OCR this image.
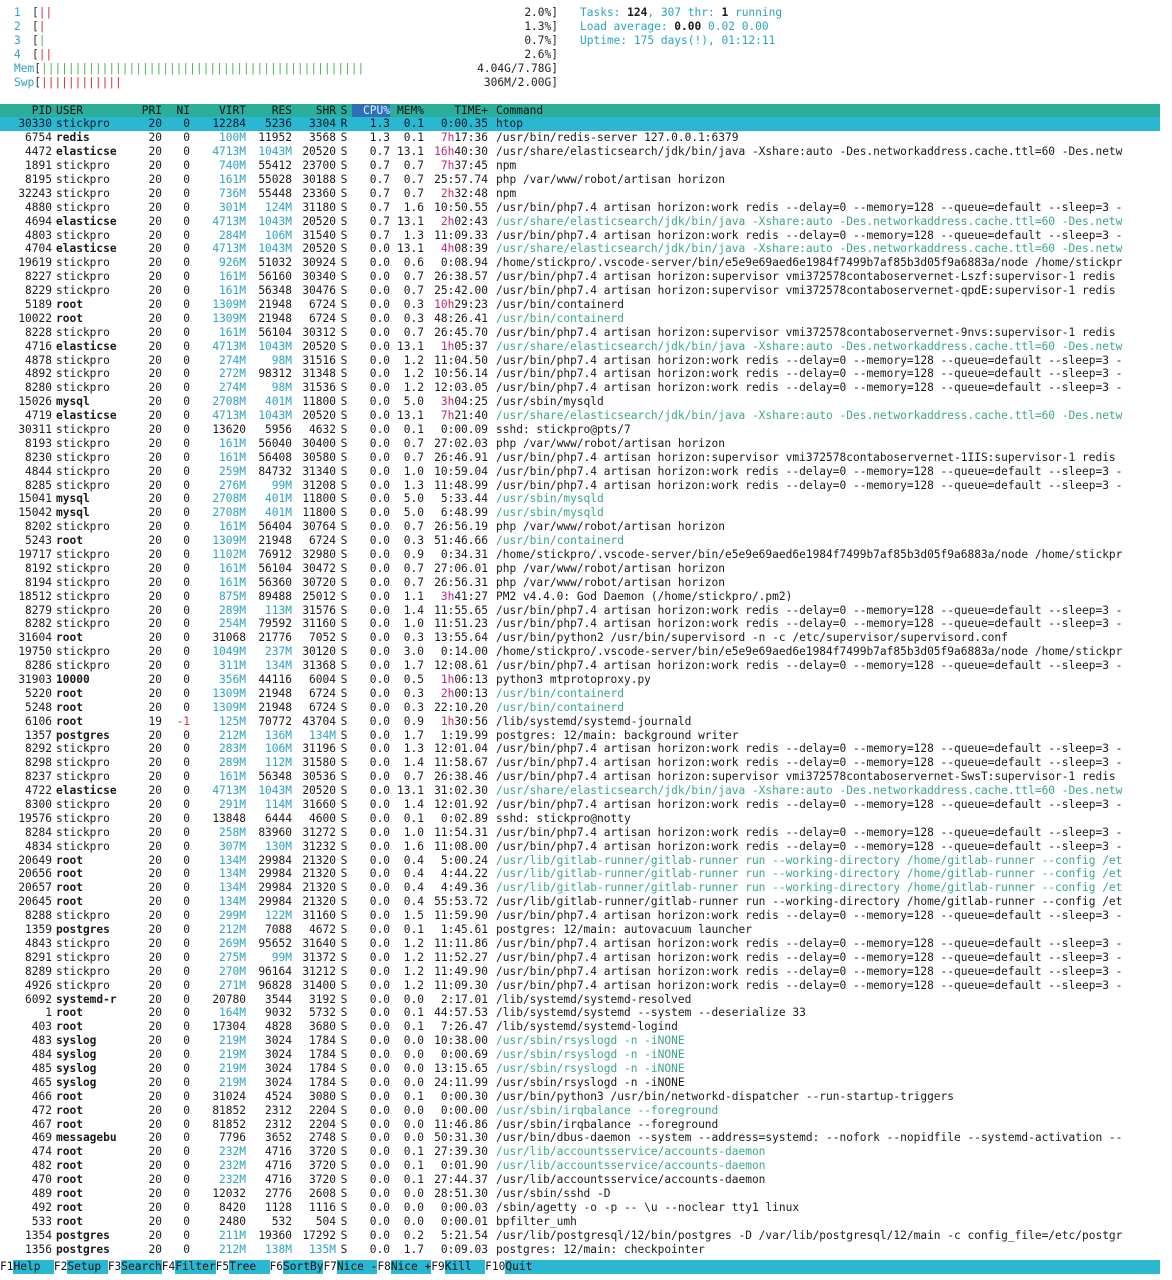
1 [||	2.0%]
2 [|	1.3%]
3 [|	0.7%]
4 [||	2.6%]
Mem[||||||||||||||||||||||||||||||||||||||||||||||||	4.04G/7.78G]
Swp[||||||||||||	306M/2.00G]
Tasks: 124, 307 thr: 1 running
Load average: 0.00 0.02 0.00
Uptime: 175 days(!), 01:12:11
PID USER	PRI NI	VIRT RES SHR S CPU% MEM%	TIME+ Command
30330 stickpro	20 0 12284 5236 3304 R 1.3 0.1 0:00.35 htop
6754 redis	20 0	100M 11952 3568 S 1.3 0.1 7h17:36 /usr/bin/redis-server 127.0.0.1:6379
4472 elasticse	20 0 4713M 1043M 20520 S 0.7 13.1 16h40:30 /usr/share/elasticsearch/jdk/bin/java -Xshare:auto -Des.networkaddress.cache.ttl=60 -Des.netw
1891 stickpro	20 0	740M 55412 23700 S 0.7 0.7 7h37:45 npm
8195 stickpro	20 0	161M 55028 30188 S 0.7 0.7 25:57.74 php /var/www/robot/artisan horizon
32243 stickpro	20 0	736M 55448 23360 S 0.7 0.7 2h32:48 npm
4880 stickpro	20 0	301M 124M 31180 S 0.7 1.6 10:50.55 /usr/bin/php7.4 artisan horizon:work redis --delay=0 --memory=128 --queue=default --sleep=3 -
4694 elasticse	20 0 4713M 1043M 20520 S 0.7 13.1 2h02:43 /usr/share/elasticsearch/jdk/bin/java -Xshare:auto -Des.networkaddress.cache.ttl=60 -Des.netw
4803 stickpro	20 0	284M 106M 31540 S 0.7 1.3 11:09.33 /usr/bin/php7.4 artisan horizon:work redis --delay=0 --memory=128 --queue=default --sleep=3 -
4704 elasticse	20 0 4713M 1043M 20520 S 0.0 13.1 4h08:39 /usr/share/elasticsearch/jdk/bin/java -Xshare:auto -Des.networkaddress.cache.ttl=60 -Des.netw
19619 stickpro	20 0	926M 51032 30924 S 0.0 0.6 0:08.94 /home/stickpro/.vscode-server/bin/e5e9e69aed6e1984f7499b7af85b3d05f9a6883a/node /home/stickpr
8227 stickpro	20 0	161M 56160 30340 S 0.0 0.7 26:38.57 /usr/bin/php7.4 artisan horizon:supervisor vmi372578contaboservernet-Lszf:supervisor-1 redis
8229 stickpro	20 0	161M 56348 30476 S 0.0 0.7 25:42.00 /usr/bin/php7.4 artisan horizon:supervisor vmi372578contaboservernet-qpdE:supervisor-1 redis
5189 root	20 0 1309M 21948 6724 S 0.0 0.3 10h29:23 /usr/bin/containerd
10022 root	20 0 1309M 21948 6724 S 0.0 0.3 48:26.41 /usr/bin/containerd
8228 stickpro	20 0	161M 56104 30312 S 0.0 0.7 26:45.70 /usr/bin/php7.4 artisan horizon:supervisor vmi372578contaboservernet-9nvs:supervisor-1 redis
4716 elasticse	20 0 4713M 1043M 20520 S 0.0 13.1 1h05:37 /usr/share/elasticsearch/jdk/bin/java -Xshare:auto -Des.networkaddress.cache.ttl=60 -Des.netw
4878 stickpro	20 0	274M 98M 31516 S 0.0 1.2 11:04.50 /usr/bin/php7.4 artisan horizon:work redis --delay=0 --memory=128 --queue=default --sleep=3 -
4892 stickpro	20 0	272M 98312 31348 S 0.0 1.2 10:56.14 /usr/bin/php7.4 artisan horizon:work redis --delay=0 --memory=128 --queue=default --sleep=3 -
8280 stickpro	20 0	274M 98M 31536 S 0.0 1.2 12:03.05 /usr/bin/php7.4 artisan horizon:work redis --delay=0 --memory=128 --queue=default --sleep=3 -
15026 mysql	20 0 2708M 401M 11800 S 0.0 5.0 3h04:25 /usr/sbin/mysqld
4719 elasticse	20 0 4713M 1043M 20520 S 0.0 13.1 7h21:40 /usr/share/elasticsearch/jdk/bin/java -Xshare:auto -Des.networkaddress.cache.ttl=60 -Des.netw
30311 stickpro	20 0 13620 5956 4632 S 0.0 0.1 0:00.09 sshd: stickpro@pts/7
8193 stickpro	20 0	161M 56040 30400 S 0.0 0.7 27:02.03 php /var/www/robot/artisan horizon
8230 stickpro	20 0	161M 56408 30580 S 0.0 0.7 26:46.91 /usr/bin/php7.4 artisan horizon:supervisor vmi372578contaboservernet-1IIS:supervisor-1 redis
4844 stickpro	20 0	259M 84732 31340 S 0.0 1.0 10:59.04 /usr/bin/php7.4 artisan horizon:work redis --delay=0 --memory=128 --queue=default --sleep=3 -
8285 stickpro	20 0	276M 99M 31208 S 0.0 1.3 11:48.99 /usr/bin/php7.4 artisan horizon:work redis --delay=0 --memory=128 --queue=default --sleep=3 -
15041 mysql	20 0 2708M 401M 11800 S 0.0 5.0 5:33.44 /usr/sbin/mysqld
15042 mysql	20 0 2708M 401M 11800 S 0.0 5.0 6:48.99 /usr/sbin/mysqld
8202 stickpro	20 0	161M 56404 30764 S 0.0 0.7 26:56.19 php /var/www/robot/artisan horizon
5243 root	20 0 1309M 21948 6724 S 0.0 0.3 51:46.66 /usr/bin/containerd
19717 stickpro	20 0 1102M 76912 32980 S 0.0 0.9 0:34.31 /home/stickpro/.vscode-server/bin/e5e9e69aed6e1984f7499b7af85b3d05f9a6883a/node /home/stickpr
8192 stickpro	20 0	161M 56104 30472 S 0.0 0.7 27:06.01 php /var/www/robot/artisan horizon
8194 stickpro	20 0	161M 56360 30720 S 0.0 0.7 26:56.31 php /var/www/robot/artisan horizon
18512 stickpro	20 0	875M 89488 25012 S 0.0 1.1 3h41:27 PM2 v4.4.0: God Daemon (/home/stickpro/.pm2)
8279 stickpro	20 0	289M 113M 31576 S 0.0 1.4 11:55.65 /usr/bin/php7.4 artisan horizon:work redis --delay=0 --memory=128 --queue=default --sleep=3 -
8282 stickpro	20 0	254M 79592 31160 S 0.0 1.0 11:51.23 /usr/bin/php7.4 artisan horizon:work redis --delay=0 --memory=128 --queue=default --sleep=3 -
31604 root	20 0 31068 21776 7052 S 0.0 0.3 13:55.64 /usr/bin/python2 /usr/bin/supervisord -n -c /etc/supervisor/supervisord.conf
19750 stickpro	20 0 1049M 237M 30120 S 0.0 3.0 0:14.00 /home/stickpro/.vscode-server/bin/e5e9e69aed6e1984f7499b7af85b3d05f9a6883a/node /home/stickpr
8286 stickpro	20 0	311M 134M 31368 S 0.0 1.7 12:08.61 /usr/bin/php7.4 artisan horizon:work redis --delay=0 --memory=128 --queue=default --sleep=3 -
31903 10000	20 0	356M 44116 6004 S 0.0 0.5 1h06:13 python3 mtprotoproxy.py
5220 root	20 0 1309M 21948 6724 S 0.0 0.3 2h00:13 /usr/bin/containerd
5248 root	20 0 1309M 21948 6724 S 0.0 0.3 22:10.20 /usr/bin/containerd
6106 root	19 -1	125M 70772 43704 S 0.0 0.9 1h30:56 /lib/systemd/systemd-journald
1357 postgres	20 0	212M 136M 134M S 0.0 1.7 1:19.99 postgres: 12/main: background writer
8292 stickpro	20 0	283M 106M 31196 S 0.0 1.3 12:01.04 /usr/bin/php7.4 artisan horizon:work redis --delay=0 --memory=128 --queue=default --sleep=3 -
8298 stickpro	20 0	289M 112M 31580 S 0.0 1.4 11:58.67 /usr/bin/php7.4 artisan horizon:work redis --delay=0 --memory=128 --queue=default --sleep=3 -
8237 stickpro	20 0	161M 56348 30536 S 0.0 0.7 26:38.46 /usr/bin/php7.4 artisan horizon:supervisor vmi372578contaboservernet-SwsT:supervisor-1 redis
4722 elasticse	20 0 4713M 1043M 20520 S 0.0 13.1 31:02.30 /usr/share/elasticsearch/jdk/bin/java -Xshare:auto -Des.networkaddress.cache.ttl=60 -Des.netw
8300 stickpro	20 0	291M 114M 31660 S 0.0 1.4 12:01.92 /usr/bin/php7.4 artisan horizon:work redis --delay=0 --memory=128 --queue=default --sleep=3 -
19576 stickpro	20 0 13848 6444 4600 S 0.0 0.1 0:02.89 sshd: stickpro@notty
8284 stickpro	20 0	258M 83960 31272 S 0.0 1.0 11:54.31 /usr/bin/php7.4 artisan horizon:work redis --delay=0 --memory=128 --queue=default --sleep=3 -
4834 stickpro	20 0	307M 130M 31232 S 0.0 1.6 11:08.00 /usr/bin/php7.4 artisan horizon:work redis --delay=0 --memory=128 --queue=default --sleep=3 -
20649 root	20 0	134M 29984 21320 S 0.0 0.4 5:00.24 /usr/lib/gitlab-runner/gitlab-runner run --working-directory /home/gitlab-runner --config /et
20656 root	20 0	134M 29984 21320 S 0.0 0.4 4:44.22 /usr/lib/gitlab-runner/gitlab-runner run --working-directory /home/gitlab-runner --config /et
20657 root	20 0	134M 29984 21320 S 0.0 0.4 4:49.36 /usr/lib/gitlab-runner/gitlab-runner run --working-directory /home/gitlab-runner --config /et
20645 root	20 0	134M 29984 21320 S 0.0 0.4 55:53.72 /usr/lib/gitlab-runner/gitlab-runner run --working-directory /home/gitlab-runner --config /et
8288 stickpro	20 0	299M 122M 31160 S 0.0 1.5 11:59.90 /usr/bin/php7.4 artisan horizon:work redis --delay=0 --memory=128 --queue=default --sleep=3 -
1359 postgres	20 0	212M 7088 4672 S 0.0 0.1 1:45.61 postgres: 12/main: autovacuum launcher
4843 stickpro	20 0	269M 95652 31640 S 0.0 1.2 11:11.86 /usr/bin/php7.4 artisan horizon:work redis --delay=0 --memory=128 --queue=default --sleep=3 -
8291 stickpro	20 0	275M 99M 31372 S 0.0 1.2 11:52.27 /usr/bin/php7.4 artisan horizon:work redis --delay=0 --memory=128 --queue=default --sleep=3 -
8289 stickpro	20 0	270M 96164 31212 S 0.0 1.2 11:49.90 /usr/bin/php7.4 artisan horizon:work redis --delay=0 --memory=128 --queue=default --sleep=3 -
4926 stickpro	20 0	271M 96828 31400 S 0.0 1.2 11:09.30 /usr/bin/php7.4 artisan horizon:work redis --delay=0 --memory=128 --queue=default --sleep=3 -
6092 systemd-r	20 0 20780 3544 3192 S 0.0 0.0 2:17.01 /lib/systemd/systemd-resolved
1 root	20 0	164M 9032 5732 S 0.0 0.1 44:57.53 /lib/systemd/systemd --system --deserialize 33
403 root	20 0 17304 4828 3680 S 0.0 0.1 7:26.47 /lib/systemd/systemd-logind
483 syslog	20 0	219M 3024 1784 S 0.0 0.0 10:38.00 /usr/sbin/rsyslogd -n -iNONE
484 syslog	20 0	219M 3024 1784 S 0.0 0.0 0:00.69 /usr/sbin/rsyslogd -n -iNONE
485 syslog	20 0	219M 3024 1784 S 0.0 0.0 13:15.65 /usr/sbin/rsyslogd -n -iNONE
465 syslog	20 0	219M 3024 1784 S 0.0 0.0 24:11.99 /usr/sbin/rsyslogd -n -iNONE
466 root	20 0 31024 4524 3080 S 0.0 0.1 0:00.30 /usr/bin/python3 /usr/bin/networkd-dispatcher --run-startup-triggers
472 root	20 0 81852 2312 2204 S 0.0 0.0 0:00.00 /usr/sbin/irqbalance --foreground
467 root	20 0 81852 2312 2204 S 0.0 0.0 11:46.86 /usr/sbin/irqbalance --foreground
469 messagebu	20 0	7796 3652 2748 S 0.0 0.0 50:31.30 /usr/bin/dbus-daemon --system --address=systemd: --nofork --nopidfile --systemd-activation --
474 root	20 0	232M 4716 3720 S 0.0 0.1 27:39.30 /usr/lib/accountsservice/accounts-daemon
482 root	20 0	232M 4716 3720 S 0.0 0.1 0:01.90 /usr/lib/accountsservice/accounts-daemon
470 root	20 0	232M 4716 3720 S 0.0 0.1 27:44.37 /usr/lib/accountsservice/accounts-daemon
489 root	20 0 12032 2776 2608 S 0.0 0.0 28:51.30 /usr/sbin/sshd -D
492 root	20 0	8420 1128 1116 S 0.0 0.0 0:00.03 /sbin/agetty -o -p -- \u --noclear tty1 linux
533 root	20 0	2480 532 504 S 0.0 0.0 0:00.01 bpfilter_umh
1354 postgres	20 0	211M 19360 17292 S 0.0 0.2 5:21.54 /usr/lib/postgresql/12/bin/postgres -D /var/lib/postgresql/12/main -c config_file=/etc/postgr
1356 postgres	20 0	212M 138M 135M S 0.0 1.7 0:09.03 postgres: 12/main: checkpointer
F1Help  F2Setup F3SearchF4FilterF5Tree  F6SortByF7Nice -F8Nice +F9Kill  F10Quit
